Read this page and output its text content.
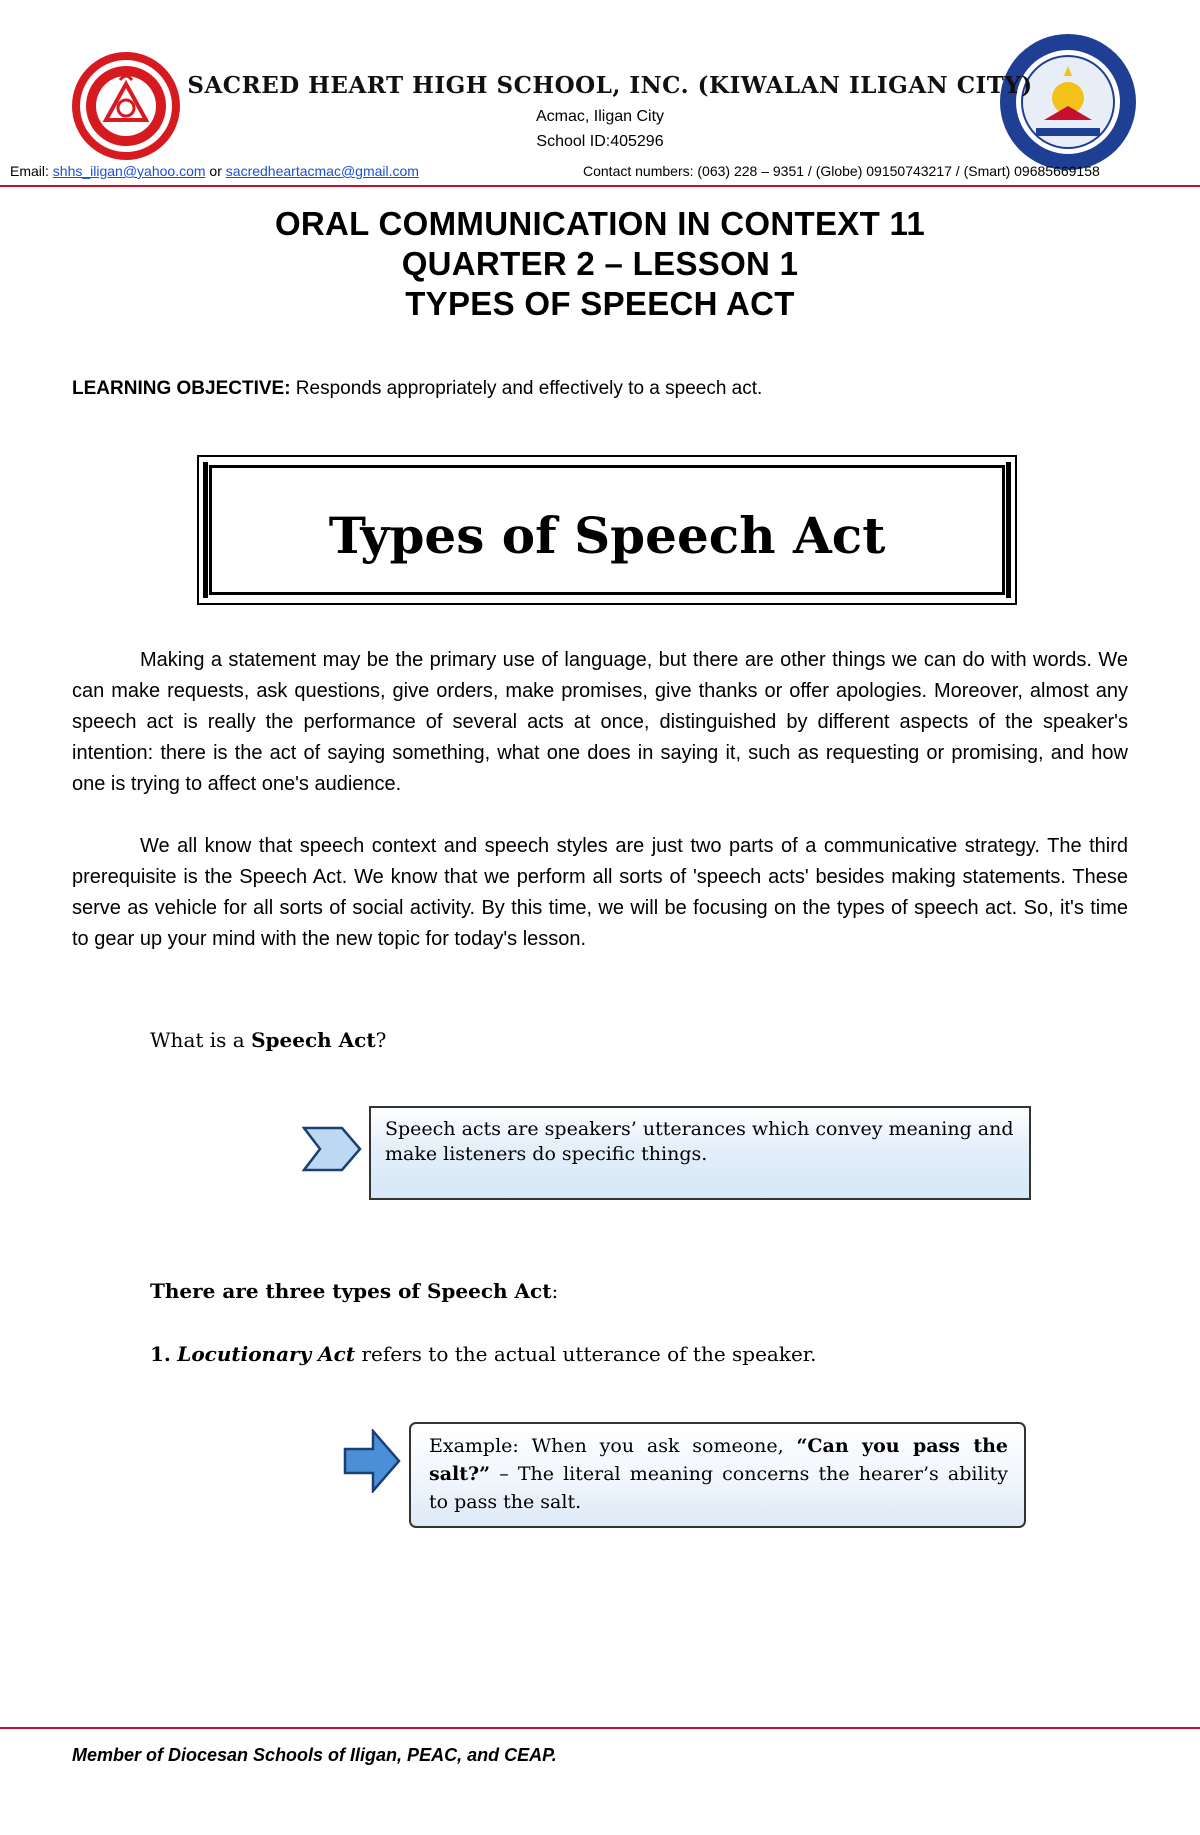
SACRED HEART HIGH SCHOOL, INC. (KIWALAN ILIGAN CITY)
Acmac, Iligan City
School ID:405296
Email: shhs_iligan@yahoo.com or sacredheartacmac@gmail.com	Contact numbers: (063) 228 – 9351 / (Globe) 09150743217 / (Smart) 09685669158
ORAL COMMUNICATION IN CONTEXT 11
QUARTER 2 – LESSON 1
TYPES OF SPEECH ACT
LEARNING OBJECTIVE: Responds appropriately and effectively to a speech act.
Types of Speech Act
Making a statement may be the primary use of language, but there are other things we can do with words. We can make requests, ask questions, give orders, make promises, give thanks or offer apologies. Moreover, almost any speech act is really the performance of several acts at once, distinguished by different aspects of the speaker's intention: there is the act of saying something, what one does in saying it, such as requesting or promising, and how one is trying to affect one's audience.
We all know that speech context and speech styles are just two parts of a communicative strategy. The third prerequisite is the Speech Act. We know that we perform all sorts of 'speech acts' besides making statements. These serve as vehicle for all sorts of social activity. By this time, we will be focusing on the types of speech act. So, it's time to gear up your mind with the new topic for today's lesson.
What is a Speech Act?
Speech acts are speakers’ utterances which convey meaning and make listeners do specific things.
There are three types of Speech Act:
1. Locutionary Act refers to the actual utterance of the speaker.
Example: When you ask someone, “Can you pass the salt?” – The literal meaning concerns the hearer’s ability to pass the salt.
Member of Diocesan Schools of Iligan, PEAC, and CEAP.
